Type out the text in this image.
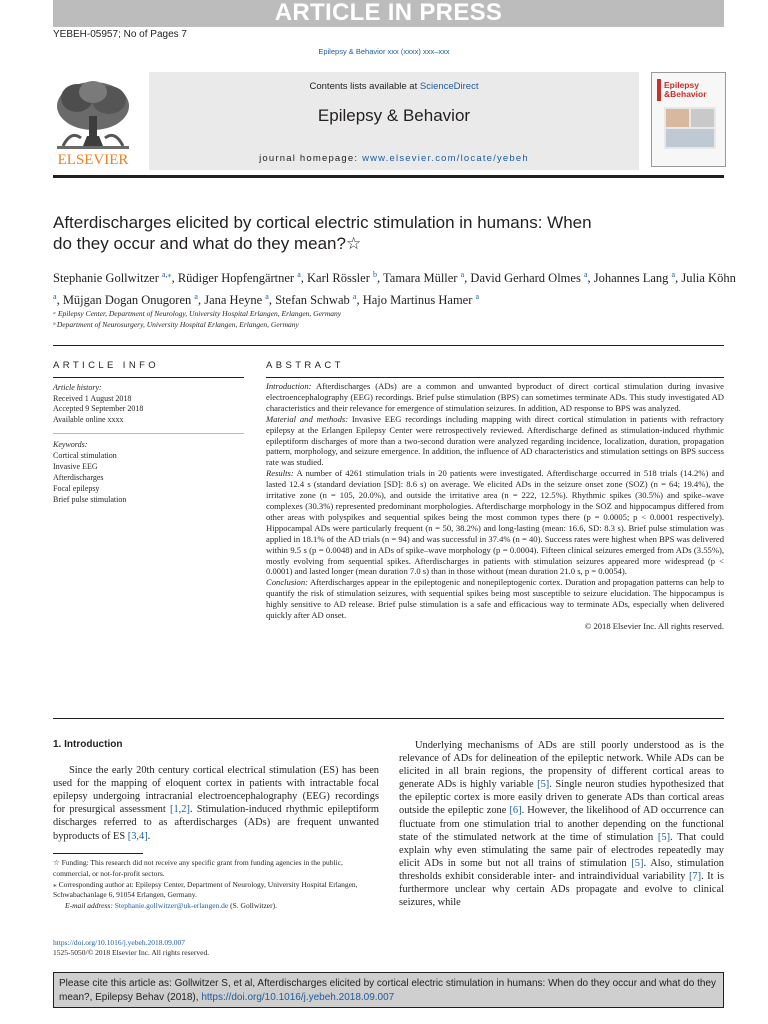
ARTICLE IN PRESS
YEBEH-05957; No of Pages 7
Epilepsy & Behavior xxx (xxxx) xxx–xxx
ELSEVIER
Contents lists available at ScienceDirect
Epilepsy & Behavior
journal homepage: www.elsevier.com/locate/yebeh
Epilepsy
&Behavior
Afterdischarges elicited by cortical electric stimulation in humans: When
do they occur and what do they mean?☆
Stephanie Gollwitzer $^{a,⁎}$, Rüdiger Hopfengärtner $^a$, Karl Rössler $^b$, Tamara Müller $^a$, David Gerhard Olmes $^a$, Johannes Lang $^a$, Julia Köhn $^a$, Müjgan Dogan Onugoren $^a$, Jana Heyne $^a$, Stefan Schwab $^a$, Hajo Martinus Hamer $^a$
ᵃ Epilepsy Center, Department of Neurology, University Hospital Erlangen, Erlangen, Germany
ᵇ Department of Neurosurgery, University Hospital Erlangen, Erlangen, Germany
ARTICLE INFO	ABSTRACT
Article history:
Received 1 August 2018
Accepted 9 September 2018
Available online xxxx
Keywords:
Cortical stimulation
Invasive EEG
Afterdischarges
Focal epilepsy
Brief pulse stimulation

Introduction: Afterdischarges (ADs) are a common and unwanted byproduct of direct cortical stimulation during invasive electroencephalography (EEG) recordings. Brief pulse stimulation (BPS) can sometimes terminate ADs. This study investigated AD characteristics and their relevance for emergence of stimulation seizures. In addition, AD response to BPS was analyzed.

Material and methods: Invasive EEG recordings including mapping with direct cortical stimulation in patients with refractory epilepsy at the Erlangen Epilepsy Center were retrospectively reviewed. Afterdischarge defined as stimulation-induced rhythmic epileptiform discharges of more than a two-second duration were analyzed regarding incidence, localization, duration, propagation pattern, morphology, and seizure emergence. In addition, the influence of AD characteristics and stimulation settings on BPS success rate was studied.

Results: A number of 4261 stimulation trials in 20 patients were investigated. Afterdischarge occurred in 518 trials (14.2%) and lasted 12.4 s (standard deviation [SD]: 8.6 s) on average. We elicited ADs in the seizure onset zone (SOZ) (n = 64; 19.4%), the irritative zone (n = 105, 20.0%), and outside the irritative area (n = 222, 12.5%). Rhythmic spikes (30.5%) and spike–wave complexes (30.3%) represented predominant morphologies. Afterdischarge morphology in the SOZ and hippocampus differed from other areas with polyspikes and sequential spikes being the most common types there (p = 0.0005; p < 0.0001 respectively). Hippocampal ADs were particularly frequent (n = 50, 38.2%) and long-lasting (mean: 16.6, SD: 8.3 s). Brief pulse stimulation was applied in 18.1% of the AD trials (n = 94) and was successful in 37.4% (n = 40). Success rates were highest when BPS was delivered within 9.5 s (p = 0.0048) and in ADs of spike–wave morphology (p = 0.0004). Fifteen clinical seizures emerged from ADs (3.55%), mostly evolving from sequential spikes. Afterdischarges in patients with stimulation seizures appeared more widespread (p < 0.0001) and lasted longer (mean duration 7.0 s) than in those without (mean duration 21.0 s, p = 0.0054).

Conclusion: Afterdischarges appear in the epileptogenic and nonepileptogenic cortex. Duration and propagation patterns can help to quantify the risk of stimulation seizures, with sequential spikes being most susceptible to seizure elucidation. The hippocampus is highly sensitive to AD release. Brief pulse stimulation is a safe and efficacious way to terminate ADs, especially when delivered quickly after AD onset.

© 2018 Elsevier Inc. All rights reserved.

1. Introduction

Since the early 20th century cortical electrical stimulation (ES) has been used for the mapping of eloquent cortex in patients with intractable focal epilepsy undergoing intracranial electroencephalography (EEG) recordings for presurgical assessment [1,2]. Stimulation-induced rhythmic epileptiform discharges referred to as afterdischarges (ADs) are frequent unwanted byproducts of ES [3,4].

Underlying mechanisms of ADs are still poorly understood as is the relevance of ADs for delineation of the epileptic network. While ADs can be elicited in all brain regions, the propensity of different cortical areas to generate ADs is highly variable [5]. Single neuron studies hypothesized that the epileptic cortex is more easily driven to generate ADs than cortical areas outside the epileptic zone [6]. However, the likelihood of AD occurrence can fluctuate from one stimulation trial to another depending on the functional state of the stimulated network at the time of stimulation [5]. That could explain why even stimulating the same pair of electrodes repeatedly may elicit ADs in some but not all trains of stimulation [5]. Also, stimulation thresholds exhibit considerable inter- and intraindividual variability [7]. It is furthermore unclear why certain ADs propagate and evolve to clinical seizures, while

☆ Funding: This research did not receive any specific grant from funding agencies in the public, commercial, or not-for-profit sectors.

⁎ Corresponding author at: Epilepsy Center, Department of Neurology, University Hospital Erlangen, Schwabachanlage 6, 91054 Erlangen, Germany.

E-mail address: Stephanie.gollwitzer@uk-erlangen.de (S. Gollwitzer).

https://doi.org/10.1016/j.yebeh.2018.09.007
1525-5050/© 2018 Elsevier Inc. All rights reserved.
Please cite this article as: Gollwitzer S, et al, Afterdischarges elicited by cortical electric stimulation in humans: When do they occur and what do they mean?, Epilepsy Behav (2018), https://doi.org/10.1016/j.yebeh.2018.09.007
